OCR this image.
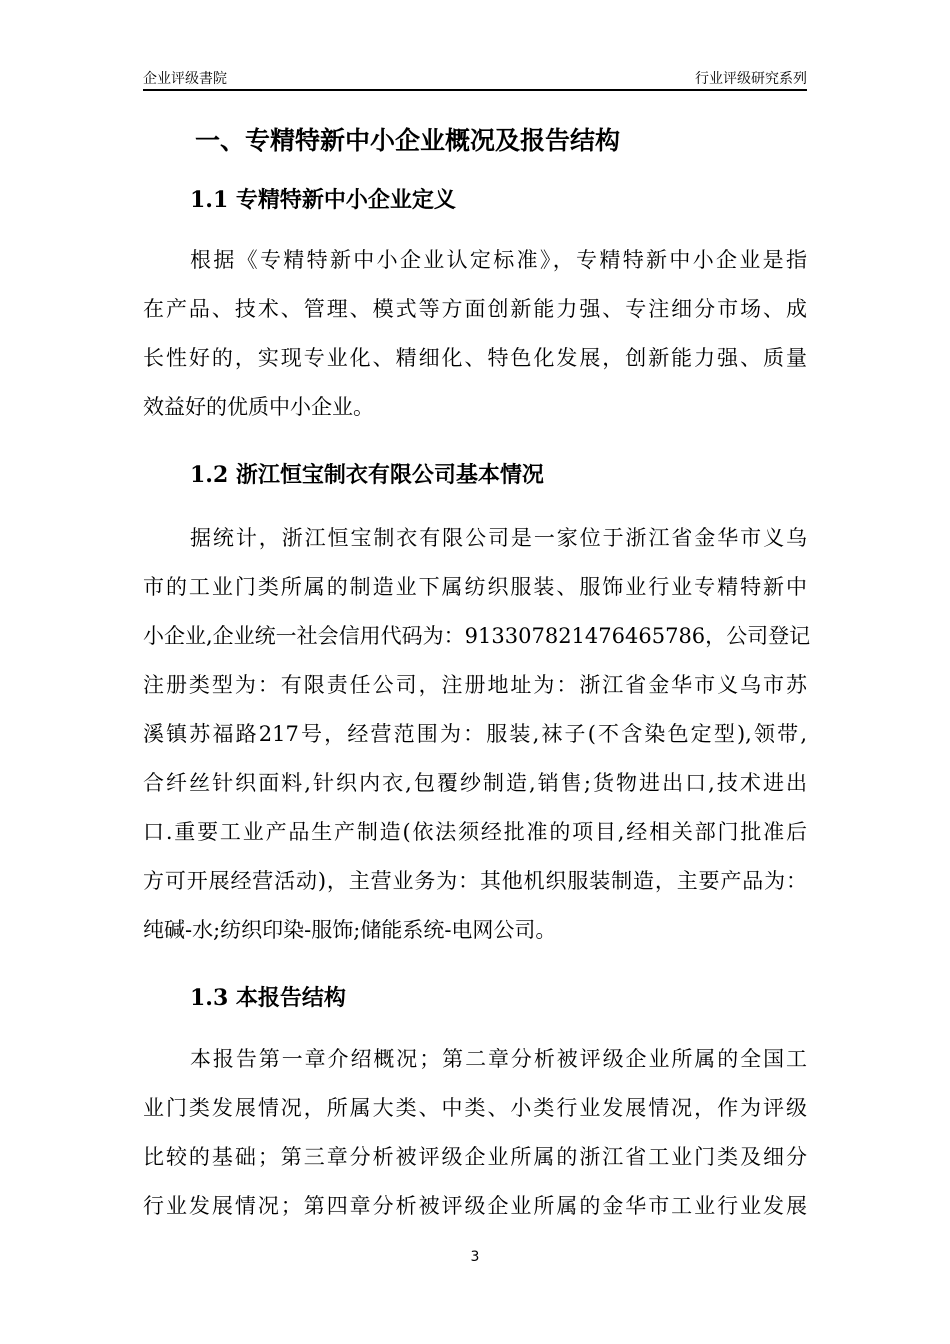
企业评级書院	行业评级研究系列
一、专精特新中小企业概况及报告结构
1.1 专精特新中小企业定义
根据《专精特新中小企业认定标准》，专精特新中小企业是指
在产品、技术、管理、模式等方面创新能力强、专注细分市场、成
长性好的，实现专业化、精细化、特色化发展，创新能力强、质量
效益好的优质中小企业。
1.2 浙江恒宝制衣有限公司基本情况
据统计，浙江恒宝制衣有限公司是一家位于浙江省金华市义乌
市的工业门类所属的制造业下属纺织服装、服饰业行业专精特新中
小企业,企业统一社会信用代码为：913307821476465786，公司登记
注册类型为：有限责任公司，注册地址为：浙江省金华市义乌市苏
溪镇苏福路217号，经营范围为：服装,袜子(不含染色定型),领带,
合纤丝针织面料,针织内衣,包覆纱制造,销售;货物进出口,技术进出
口.重要工业产品生产制造(依法须经批准的项目,经相关部门批准后
方可开展经营活动)，主营业务为：其他机织服装制造，主要产品为：
纯碱-水;纺织印染-服饰;储能系统-电网公司。
1.3 本报告结构
本报告第一章介绍概况；第二章分析被评级企业所属的全国工
业门类发展情况，所属大类、中类、小类行业发展情况，作为评级
比较的基础；第三章分析被评级企业所属的浙江省工业门类及细分
行业发展情况；第四章分析被评级企业所属的金华市工业行业发展
3
